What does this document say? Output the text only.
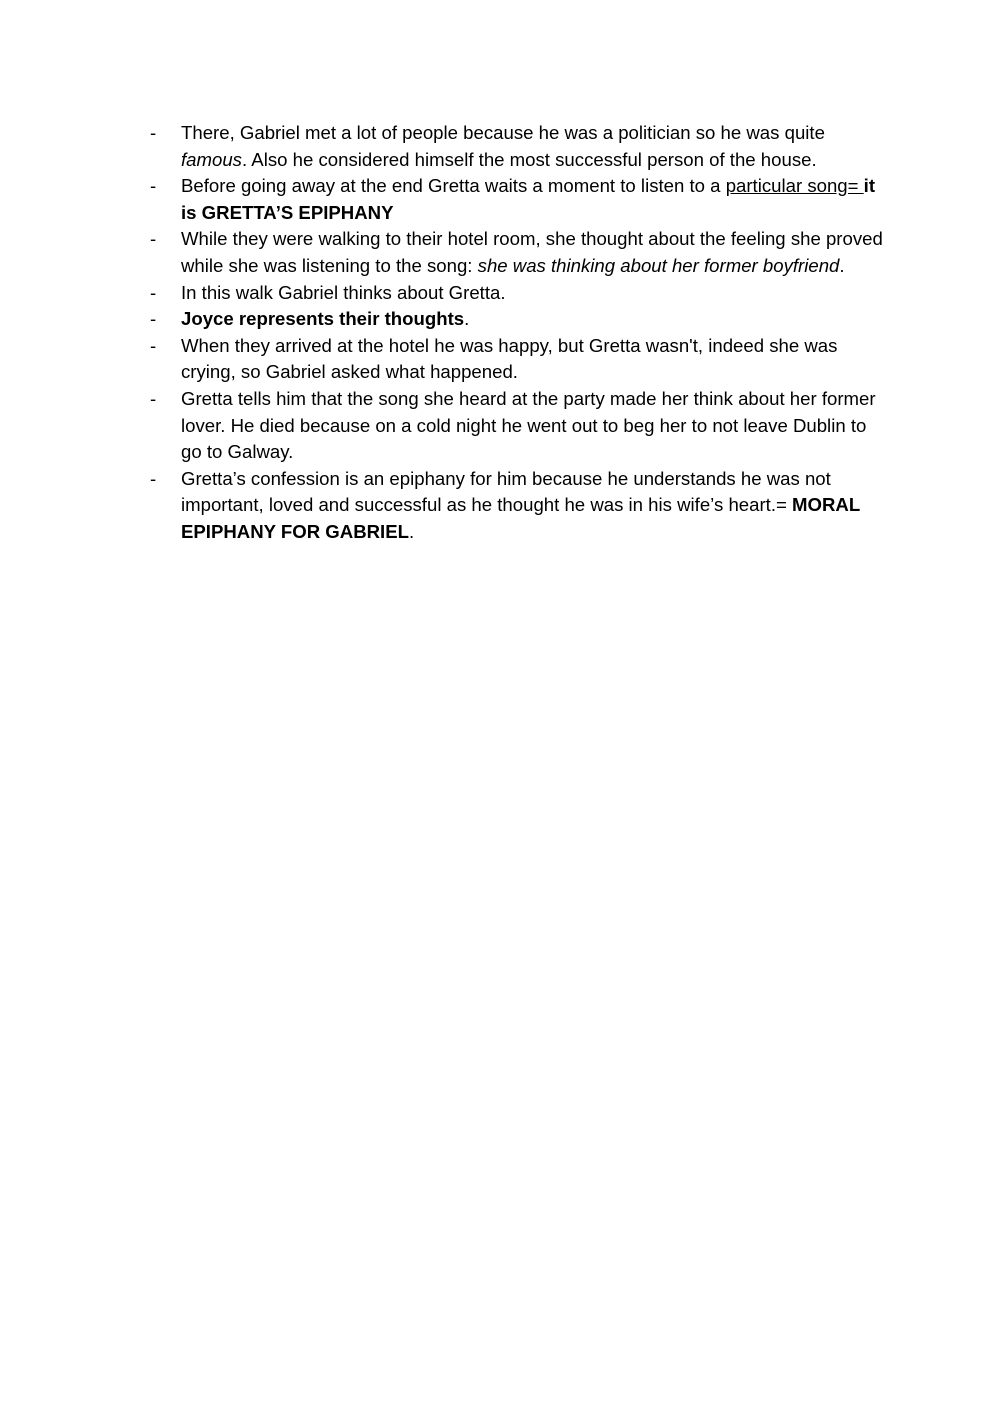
- There, Gabriel met a lot of people because he was a politician so he was quite famous. Also he considered himself the most successful person of the house.
- Before going away at the end Gretta waits a moment to listen to a particular song= it is GRETTA’S EPIPHANY
- While they were walking to their hotel room, she thought about the feeling she proved while she was listening to the song: she was thinking about her former boyfriend.
- In this walk Gabriel thinks about Gretta.
- Joyce represents their thoughts.
- When they arrived at the hotel he was happy, but Gretta wasn't, indeed she was crying, so Gabriel asked what happened.
- Gretta tells him that the song she heard at the party made her think about her former lover. He died because on a cold night he went out to beg her to not leave Dublin to go to Galway.
- Gretta’s confession is an epiphany for him because he understands he was not important, loved and successful as he thought he was in his wife’s heart.= MORAL EPIPHANY FOR GABRIEL.
